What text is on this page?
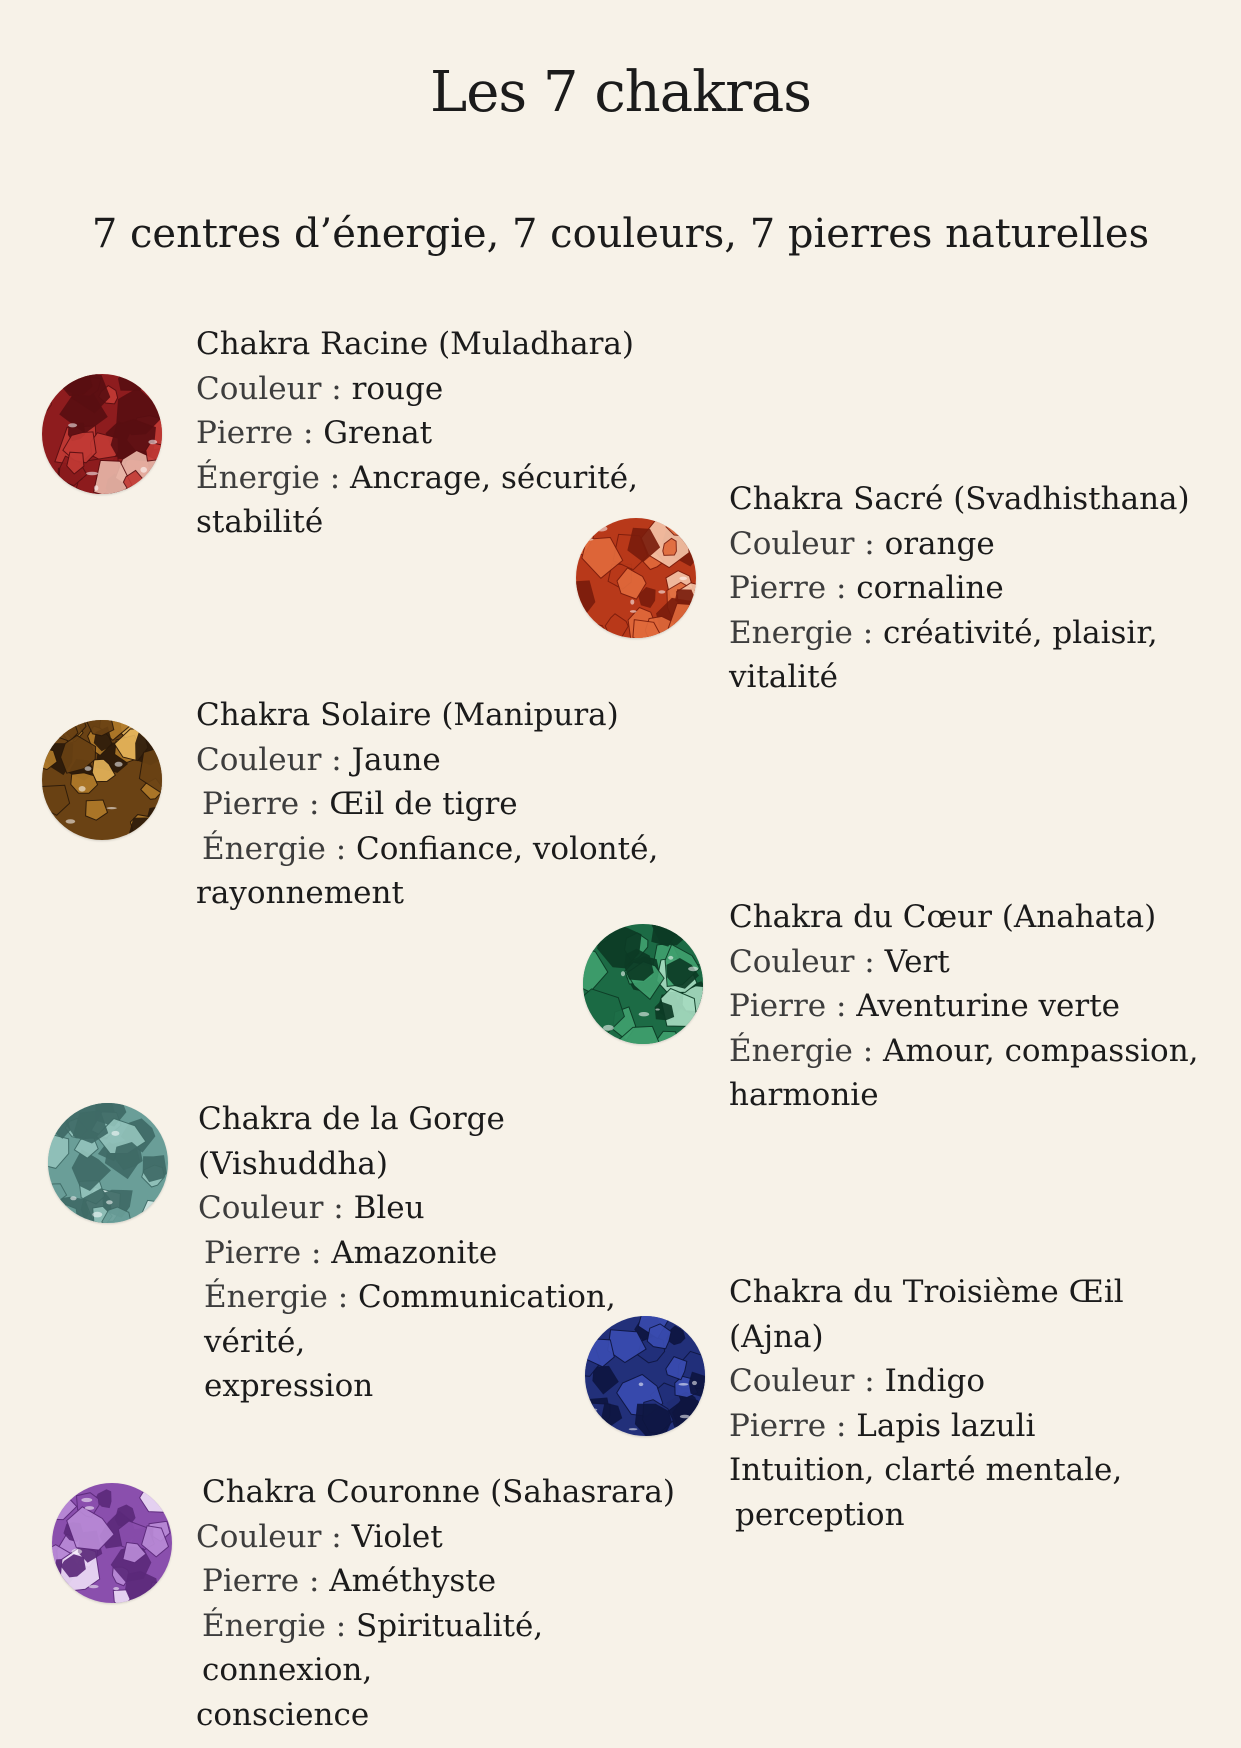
Les 7 chakras
7 centres d’énergie, 7 couleurs, 7 pierres naturelles
Chakra Racine (Muladhara)
Couleur : rouge
Pierre : Grenat
Énergie : Ancrage, sécurité,
stabilité
Chakra Sacré (Svadhisthana)
Couleur : orange
Pierre : cornaline
Energie : créativité, plaisir,
vitalité
Chakra Solaire (Manipura)
Couleur : Jaune
Pierre : Œil de tigre
Énergie : Confiance, volonté,
rayonnement
Chakra du Cœur (Anahata)
Couleur : Vert
Pierre : Aventurine verte
Énergie : Amour, compassion,
harmonie
Chakra de la Gorge (Vishuddha)
Couleur : Bleu
Pierre : Amazonite
Énergie : Communication, vérité,
expression
Chakra du Troisième Œil (Ajna)
Couleur : Indigo
Pierre : Lapis lazuli
Intuition, clarté mentale,
perception
Chakra Couronne (Sahasrara)
Couleur : Violet
Pierre : Améthyste
Énergie : Spiritualité, connexion,
conscience
